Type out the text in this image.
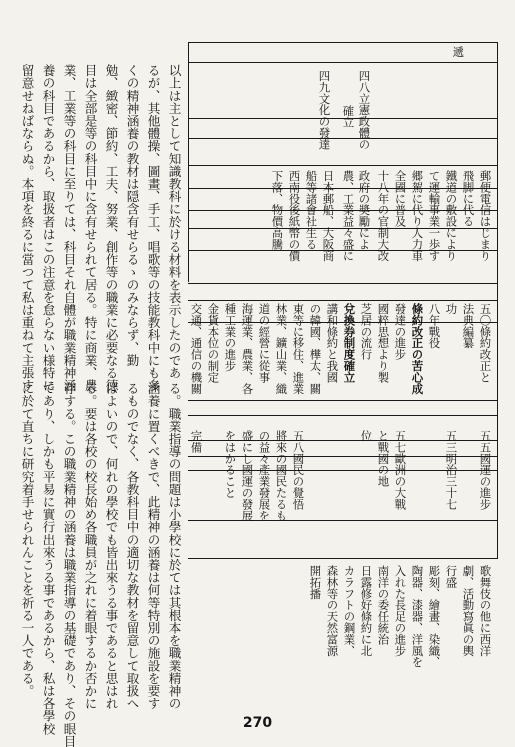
遞
郵便電信はじまり
飛脚に代る
鐵道の敷設により
て運輸事業一歩す
郷駕に代り人力車
全國に普及
十八年の官制大改
四八立憲政體の
確立
政府の奬勵によ
農、工業益々盛に
四九文化の發達
日本郵船、大阪商
船等諸會社生る
西南役後紙幣の價
下落、物價高騰
五〇條約改正と
法典編纂
功
八年戰役
條約改正の苦心成
發達の進步
國粹思想より製
芝居の流行
兌換券制度確立
講和條約と我國
の韓國、樺太、關
東等に移住、進業
林業、鑛山業、織
道の經營に從事
海運業、農業、各
種工業の進步
金貨本位の制定
交通、通信の機關
五五國運の進步
五三明治三十七
五七歐洲の大戰
と戰國の地
位
完備	五八國民の覺悟
將來の國民たるも
の益々產業發展を
盛にし國運の發展
をはかること
歌舞伎の他に西洋
劇、活動寫眞の輿
行盛
彫刻、繪畫、染織、
陶器、漆器、洋風を
入れた長足の進步
南洋の委任統治
日露修好條約に北
カラフトの鋼業、
森林等の天然富源
開拓播
以上は主として知識教科に於ける材料を表示したのであ
るが、其他體操、圖畫、手工、唱歌等の技能教科中にも多
くの精神涵養の教材は隠含有せらるゝのみならず、勤
勉、緻密、節約、工夫、努業、創作等の職業に必要なる德
目は全部是等の科目中に含有せられて居る。特に商業、農
業、工業等の科目に至りては、科目それ自體が職業精神涵
養の科目であるから、取扱者はこの注意を怠らない様特に
留意せねばならぬ。本項を終るに當つて私は重ねて主張す
る。職業指導の問題は小學校に於ては其根本を職業精神の
涵養に置くべきで、此精神の涵養は何等特別の施設を要す
るものでなく、各教科目中の適切な教材を留意して取扱へ
ばよいので、何れの學校でも皆出來うる事であると思はれ
る。要は各校の校長始め各職員が之れに着眼するか否かに
存する。この職業精神の涵養は職業指導の基礎であり、その眼目
であり、しかも平易に實行出來うる事であるから、私は各學校
に於て直ちに研究着手せられんことを祈る一人である。
270
